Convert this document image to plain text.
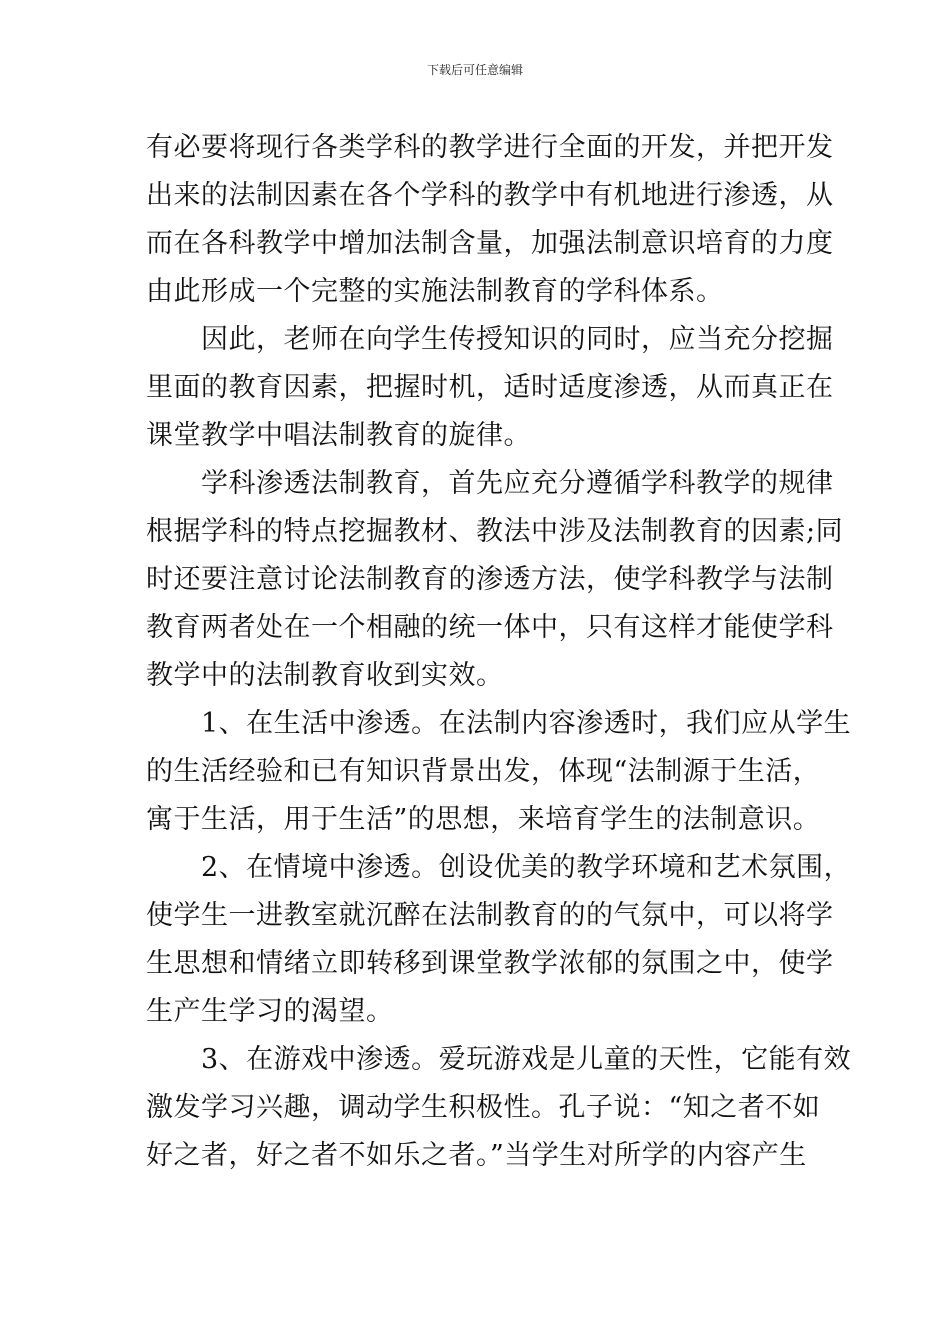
下载后可任意编辑
有必要将现行各类学科的教学进行全面的开发，并把开发
出来的法制因素在各个学科的教学中有机地进行渗透，从
而在各科教学中增加法制含量，加强法制意识培育的力度
由此形成一个完整的实施法制教育的学科体系。
　　因此，老师在向学生传授知识的同时，应当充分挖掘
里面的教育因素，把握时机，适时适度渗透，从而真正在
课堂教学中唱法制教育的旋律。
　　学科渗透法制教育，首先应充分遵循学科教学的规律
根据学科的特点挖掘教材、教法中涉及法制教育的因素;同
时还要注意讨论法制教育的渗透方法，使学科教学与法制
教育两者处在一个相融的统一体中，只有这样才能使学科
教学中的法制教育收到实效。
　　1、在生活中渗透。在法制内容渗透时，我们应从学生
的生活经验和已有知识背景出发，体现“法制源于生活，
寓于生活，用于生活”的思想，来培育学生的法制意识。
　　2、在情境中渗透。创设优美的教学环境和艺术氛围，
使学生一进教室就沉醉在法制教育的的气氛中，可以将学
生思想和情绪立即转移到课堂教学浓郁的氛围之中，使学
生产生学习的渴望。
　　3、在游戏中渗透。爱玩游戏是儿童的天性，它能有效
激发学习兴趣，调动学生积极性。孔子说：“知之者不如
好之者，好之者不如乐之者。”当学生对所学的内容产生
